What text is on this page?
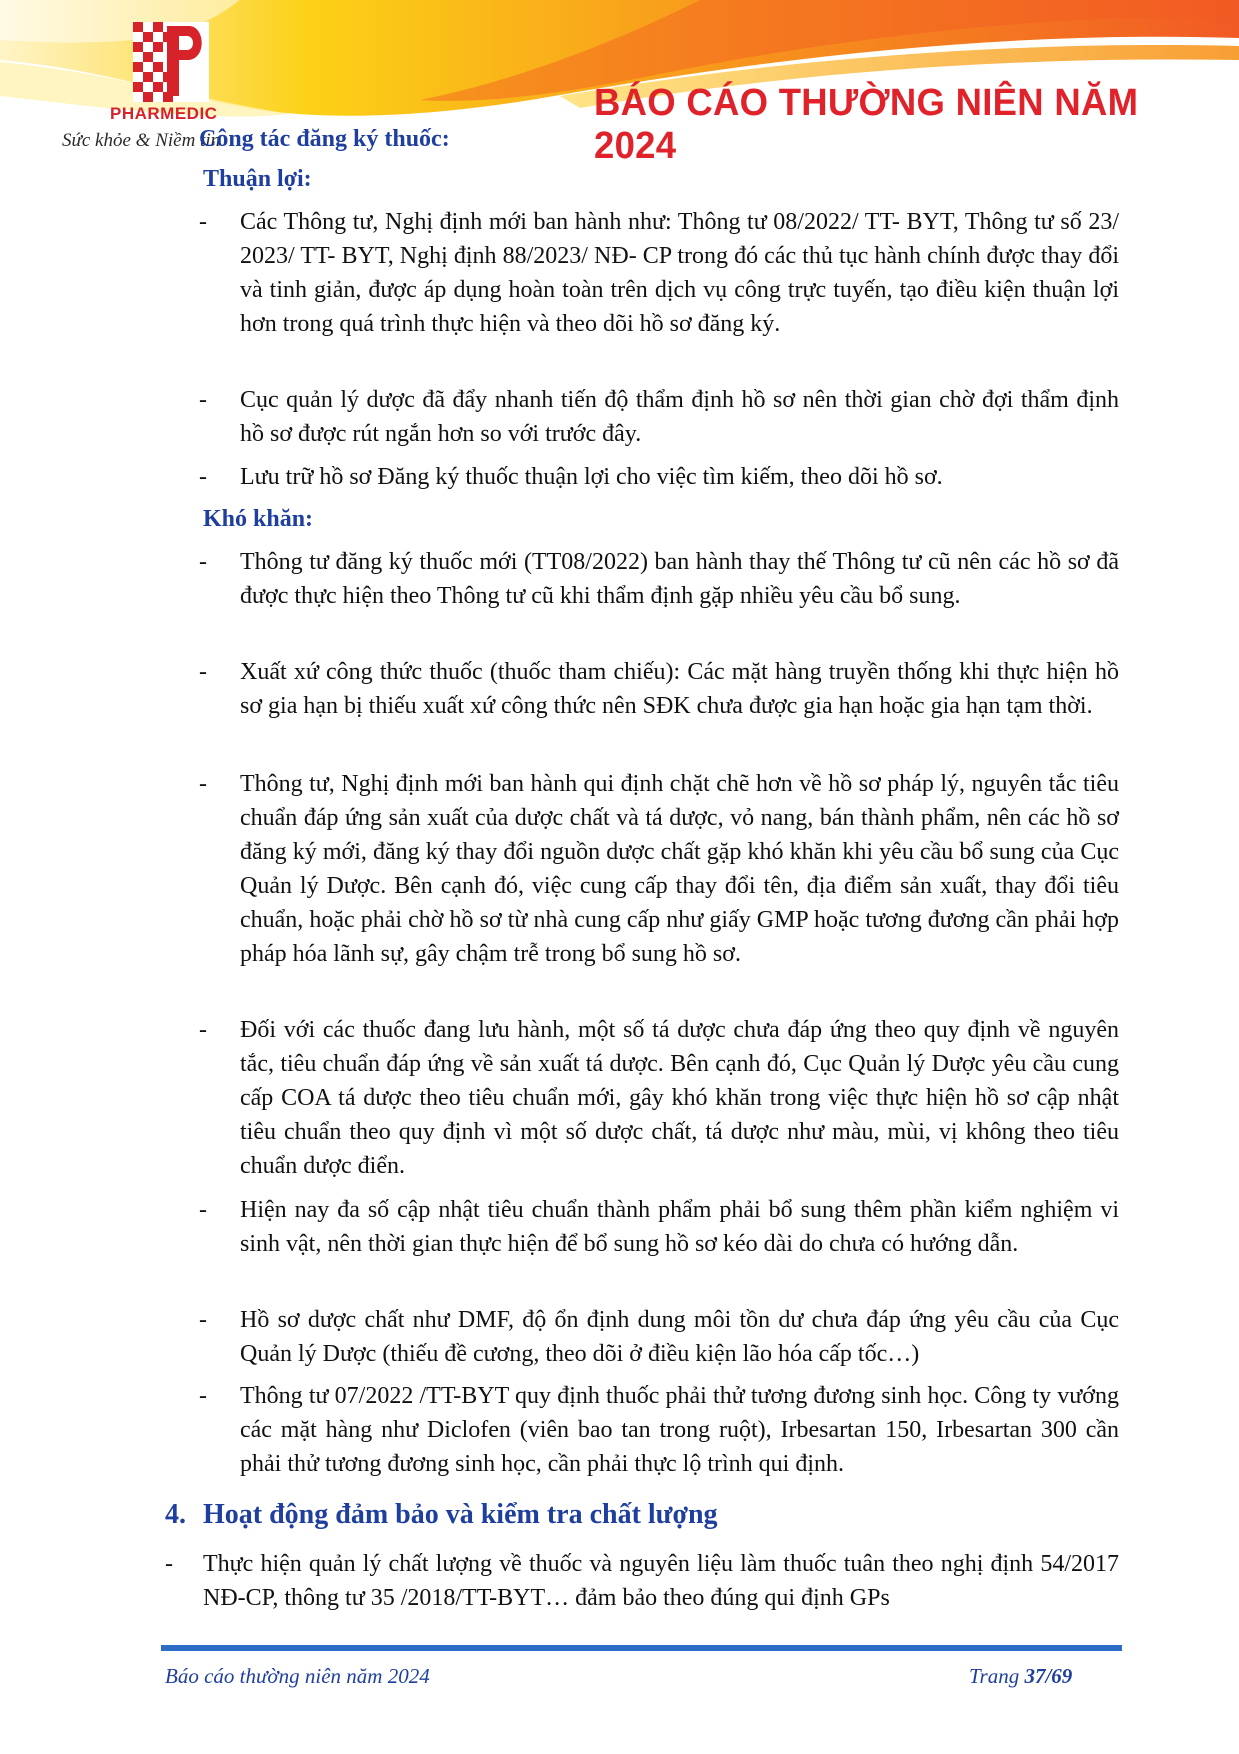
PHARMEDIC
Sức khỏe & Niềm tin
BÁO CÁO THƯỜNG NIÊN NĂM 2024
Công tác đăng ký thuốc:
Thuận lợi:
- Các Thông tư, Nghị định mới ban hành như: Thông tư 08/2022/ TT- BYT, Thông tư số 23/ 2023/ TT- BYT, Nghị định 88/2023/ NĐ- CP trong đó các thủ tục hành chính được thay đổi và tinh giản, được áp dụng hoàn toàn trên dịch vụ công trực tuyến, tạo điều kiện thuận lợi hơn trong quá trình thực hiện và theo dõi hồ sơ đăng ký.
- Cục quản lý dược đã đẩy nhanh tiến độ thẩm định hồ sơ nên thời gian chờ đợi thẩm định hồ sơ được rút ngắn hơn so với trước đây.
- Lưu trữ hồ sơ Đăng ký thuốc thuận lợi cho việc tìm kiếm, theo dõi hồ sơ.
Khó khăn:
- Thông tư đăng ký thuốc mới (TT08/2022) ban hành thay thế Thông tư cũ nên các hồ sơ đã được thực hiện theo Thông tư cũ khi thẩm định gặp nhiều yêu cầu bổ sung.
- Xuất xứ công thức thuốc (thuốc tham chiếu): Các mặt hàng truyền thống khi thực hiện hồ sơ gia hạn bị thiếu xuất xứ công thức nên SĐK chưa được gia hạn hoặc gia hạn tạm thời.
- Thông tư, Nghị định mới ban hành qui định chặt chẽ hơn về hồ sơ pháp lý, nguyên tắc tiêu chuẩn đáp ứng sản xuất của dược chất và tá dược, vỏ nang, bán thành phẩm, nên các hồ sơ đăng ký mới, đăng ký thay đổi nguồn dược chất gặp khó khăn khi yêu cầu bổ sung của Cục Quản lý Dược. Bên cạnh đó, việc cung cấp thay đổi tên, địa điểm sản xuất, thay đổi tiêu chuẩn, hoặc phải chờ hồ sơ từ nhà cung cấp như giấy GMP hoặc tương đương cần phải hợp pháp hóa lãnh sự, gây chậm trễ trong bổ sung hồ sơ.
- Đối với các thuốc đang lưu hành, một số tá dược chưa đáp ứng theo quy định về nguyên tắc, tiêu chuẩn đáp ứng về sản xuất tá dược. Bên cạnh đó, Cục Quản lý Dược yêu cầu cung cấp COA tá dược theo tiêu chuẩn mới, gây khó khăn trong việc thực hiện hồ sơ cập nhật tiêu chuẩn theo quy định vì một số dược chất, tá dược như màu, mùi, vị không theo tiêu chuẩn dược điển.
- Hiện nay đa số cập nhật tiêu chuẩn thành phẩm phải bổ sung thêm phần kiểm nghiệm vi sinh vật, nên thời gian thực hiện để bổ sung hồ sơ kéo dài do chưa có hướng dẫn.
- Hồ sơ dược chất như DMF, độ ổn định dung môi tồn dư chưa đáp ứng yêu cầu của Cục Quản lý Dược (thiếu đề cương, theo dõi ở điều kiện lão hóa cấp tốc…)
- Thông tư 07/2022 /TT-BYT quy định thuốc phải thử tương đương sinh học. Công ty vướng các mặt hàng như Diclofen (viên bao tan trong ruột), Irbesartan 150, Irbesartan 300 cần phải thử tương đương sinh học, cần phải thực lộ trình qui định.
4. Hoạt động đảm bảo và kiểm tra chất lượng
- Thực hiện quản lý chất lượng về thuốc và nguyên liệu làm thuốc tuân theo nghị định 54/2017 NĐ-CP, thông tư 35 /2018/TT-BYT… đảm bảo theo đúng qui định GPs
Báo cáo thường niên năm 2024	Trang 37/69
